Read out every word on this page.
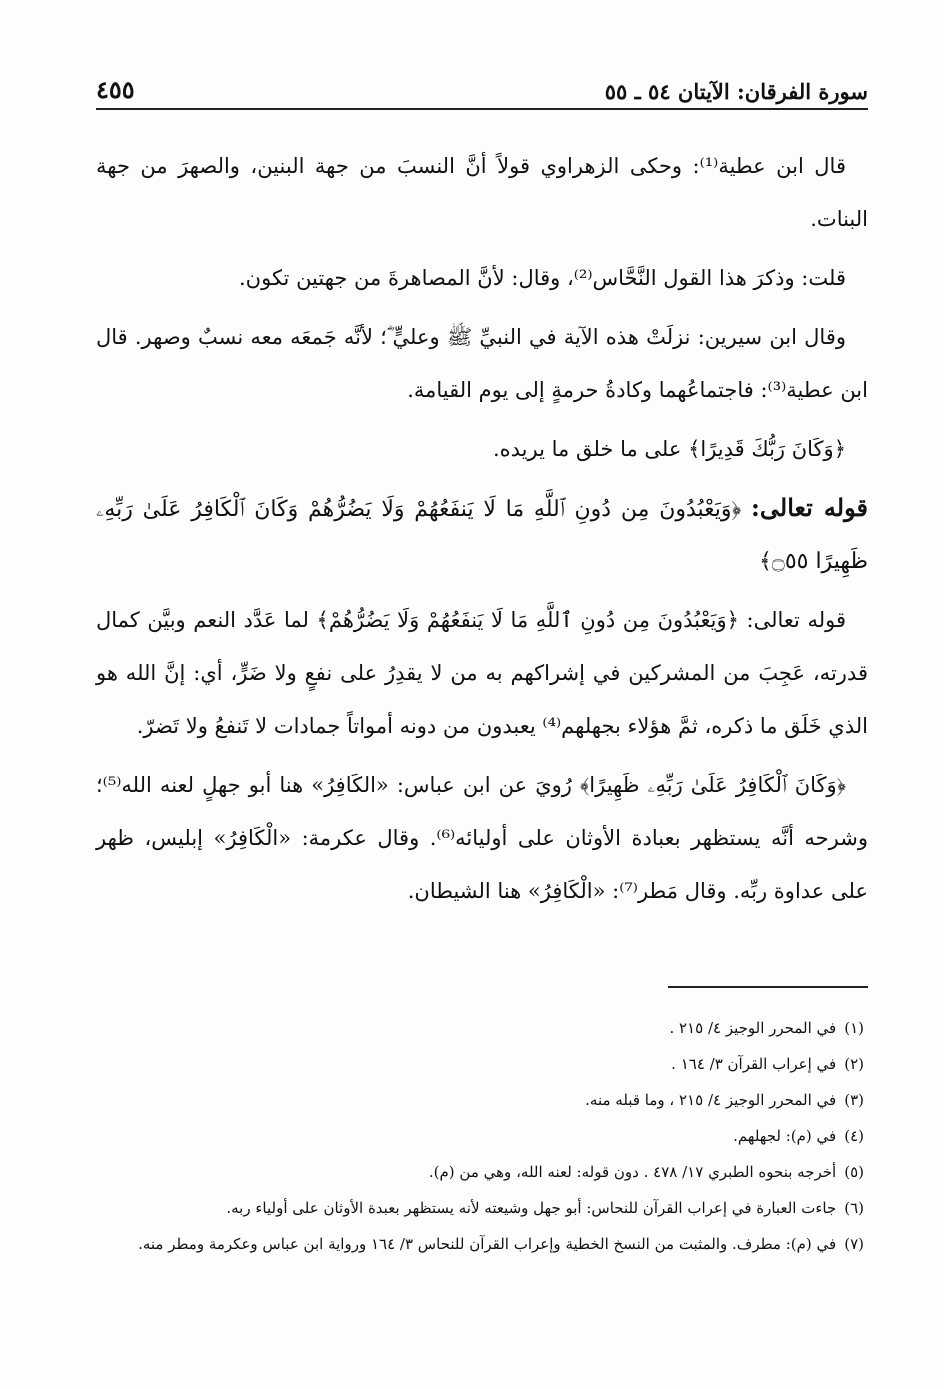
سورة الفرقان: الآيتان ٥٤ ـ ٥٥
٤٥٥

قال ابن عطية⁽¹⁾: وحكى الزهراوي قولاً أنَّ النسبَ من جهة البنين، والصهرَ من جهة البنات.

قلت: وذكرَ هذا القول النَّحَّاس⁽²⁾، وقال: لأنَّ المصاهرةَ من جهتين تكون.

وقال ابن سيرين: نزلَتْ هذه الآية في النبيِّ ﷺ وعليٍّ ؓ؛ لأنَّه جَمعَه معه نسبٌ وصهر. قال ابن عطية⁽³⁾: فاجتماعُهما وكادةُ حرمةٍ إلى يوم القيامة.

﴿وَكَانَ رَبُّكَ قَدِيرًا﴾ على ما خلق ما يريده.

قوله تعالى: ﴿وَيَعْبُدُونَ مِن دُونِ ٱللَّهِ مَا لَا يَنفَعُهُمْ وَلَا يَضُرُّهُمْ وَكَانَ ٱلْكَافِرُ عَلَىٰ رَبِّهِۦ ظَهِيرًا ۝٥٥﴾

قوله تعالى: ﴿وَيَعْبُدُونَ مِن دُونِ ٱللَّهِ مَا لَا يَنفَعُهُمْ وَلَا يَضُرُّهُمْ﴾ لما عَدَّد النعم وبيَّن كمال قدرته، عَجِبَ من المشركين في إشراكهم به من لا يقدِرُ على نفعٍ ولا ضَرٍّ، أي: إنَّ الله هو الذي خَلَق ما ذكره، ثمَّ هؤلاء بجهلهم⁽⁴⁾ يعبدون من دونه أمواتاً جمادات لا تَنفعُ ولا تَضرّ.

﴿وَكَانَ ٱلْكَافِرُ عَلَىٰ رَبِّهِۦ ظَهِيرًا﴾ رُويَ عن ابن عباس: «الكَافِرُ» هنا أبو جهلٍ لعنه الله⁽⁵⁾؛ وشرحه أنَّه يستظهر بعبادة الأوثان على أوليائه⁽⁶⁾. وقال عكرمة: «الْكَافِرُ» إبليس، ظهر على عداوة ربِّه. وقال مَطر⁽⁷⁾: «الْكَافِرُ» هنا الشيطان.

(١)في المحرر الوجيز ٤/ ٢١٥ .

(٢)في إعراب القرآن ٣/ ١٦٤ .

(٣)في المحرر الوجيز ٤/ ٢١٥ ، وما قبله منه.

(٤)في (م): لجهلهم.

(٥)أخرجه بنحوه الطبري ١٧/ ٤٧٨ . دون قوله: لعنه الله، وهي من (م).

(٦)جاءت العبارة في إعراب القرآن للنحاس: أبو جهل وشيعته لأنه يستظهر بعبدة الأوثان على أولياء ربه.

(٧)في (م): مطرف. والمثبت من النسخ الخطية وإعراب القرآن للنحاس ٣/ ١٦٤ ورواية ابن عباس وعكرمة ومطر منه.
